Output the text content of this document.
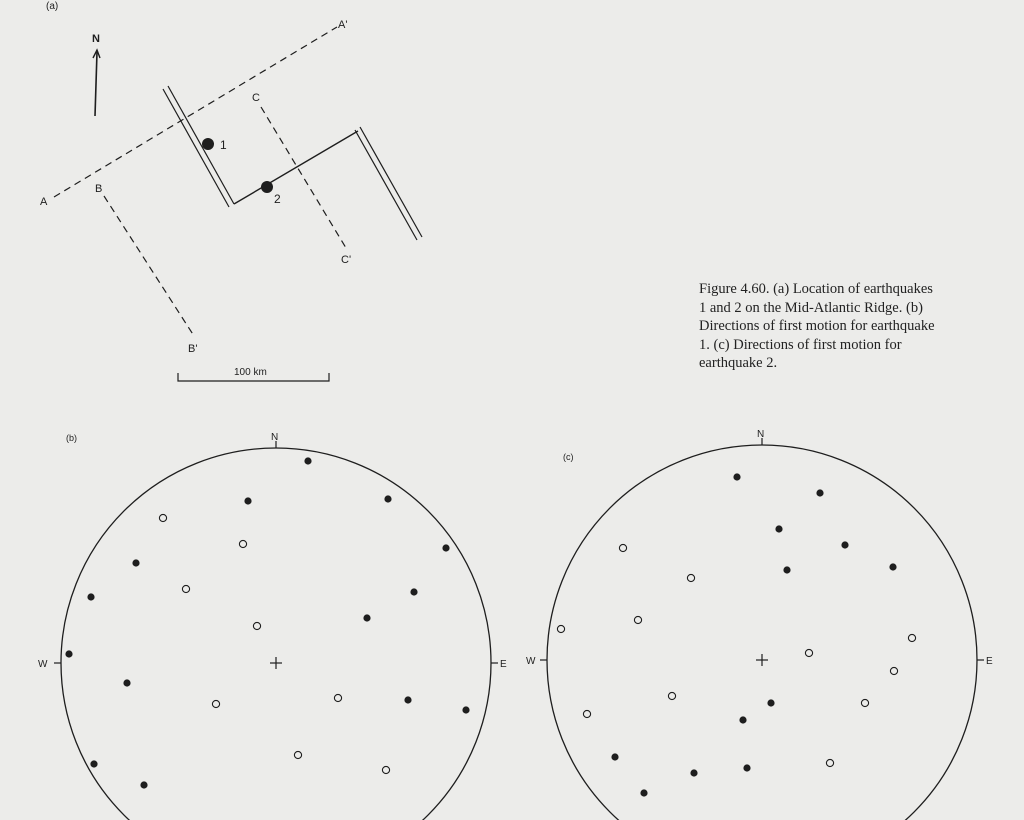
(a)
N
A
A'
B
B'
C
C'
1
2
100 km
(b)	N
W	E
(c)
N
W	E
Figure 4.60. (a) Location of earthquakes
1 and 2 on the Mid-Atlantic Ridge. (b)
Directions of first motion for earthquake
1. (c) Directions of first motion for
earthquake 2.
